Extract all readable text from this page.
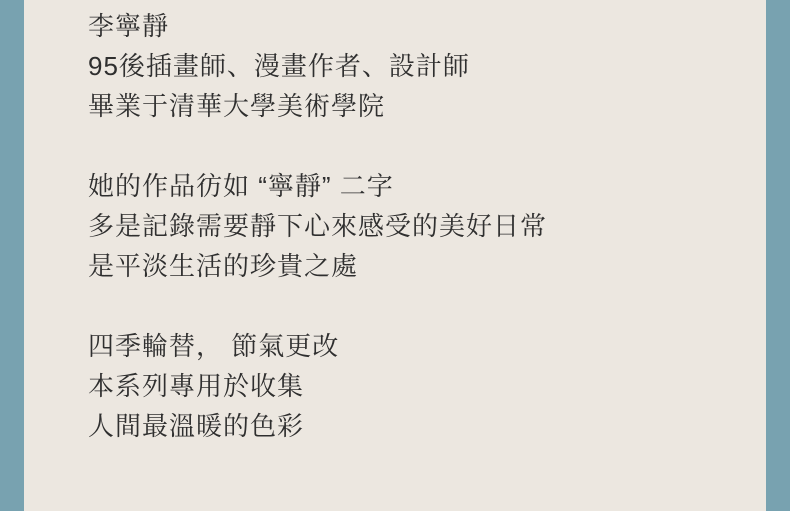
李寧靜
95後插畫師、漫畫作者、設計師
畢業于清華大學美術學院
她的作品彷如 “寧靜” 二字
多是記錄需要靜下心來感受的美好日常
是平淡生活的珍貴之處
四季輪替， 節氣更改
本系列專用於收集
人間最溫暖的色彩
